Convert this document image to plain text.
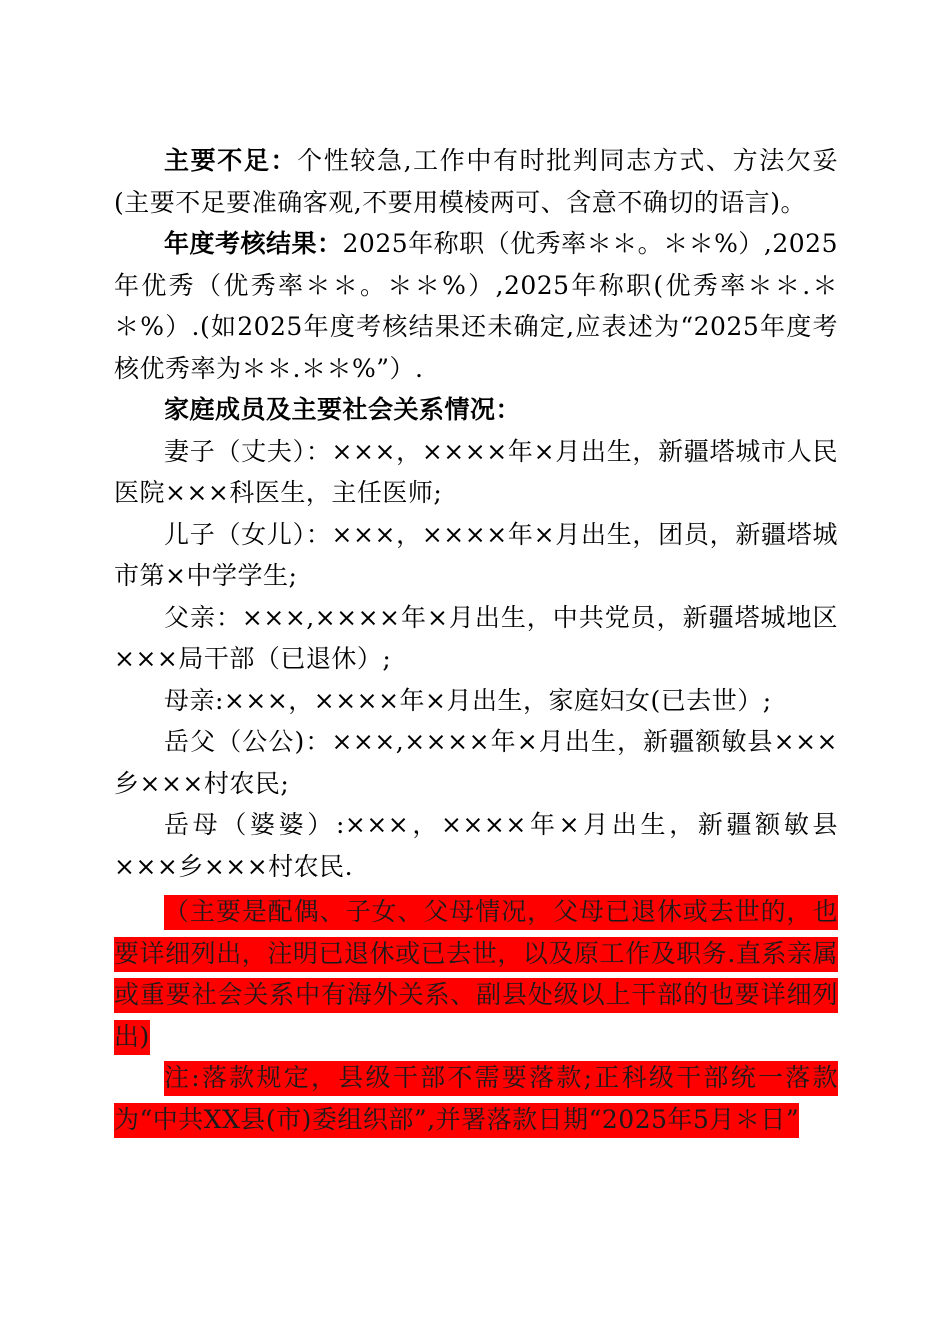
主要不足：个性较急,工作中有时批判同志方式、方法欠妥(主要不足要准确客观,不要用模棱两可、含意不确切的语言)。

年度考核结果：2025年称职（优秀率＊＊。＊＊%）,2025年优秀（优秀率＊＊。＊＊%）,2025年称职(优秀率＊＊.＊＊%）.(如2025年度考核结果还未确定,应表述为“2025年度考核优秀率为＊＊.＊＊%”）.

家庭成员及主要社会关系情况：

妻子（丈夫）：×××，××××年×月出生，新疆塔城市人民医院×××科医生，主任医师;

儿子（女儿）：×××，××××年×月出生，团员，新疆塔城市第×中学学生;

父亲：×××,××××年×月出生，中共党员，新疆塔城地区×××局干部（已退休）;

母亲:×××，××××年×月出生，家庭妇女(已去世）;

岳父（公公)：×××,××××年×月出生，新疆额敏县×××乡×××村农民;

岳母（婆婆）:×××，××××年×月出生，新疆额敏县×××乡×××村农民.

（主要是配偶、子女、父母情况，父母已退休或去世的，也要详细列出，注明已退休或已去世，以及原工作及职务.直系亲属或重要社会关系中有海外关系、副县处级以上干部的也要详细列出)

注:落款规定，县级干部不需要落款;正科级干部统一落款为“中共XX县(市)委组织部”,并署落款日期“2025年5月＊日”
